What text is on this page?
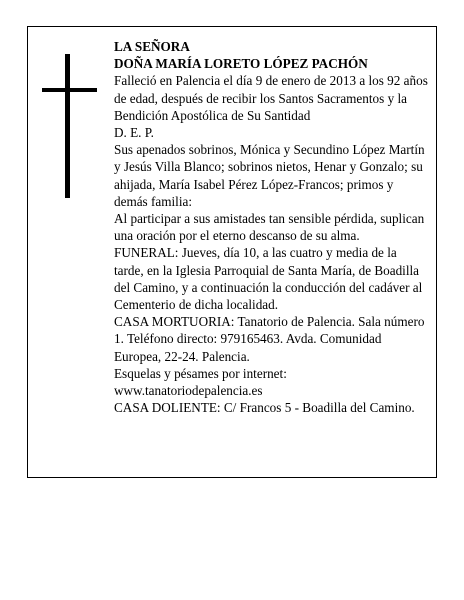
LA SEÑORA

DOÑA MARÍA LORETO LÓPEZ PACHÓN

Falleció en Palencia el día 9 de enero de 2013 a los 92 años de edad, después de recibir los Santos Sacramentos y la Bendición Apostólica de Su Santidad

D. E. P.

Sus apenados sobrinos, Mónica y Secundino López Martín y Jesús Villa Blanco; sobrinos nietos, Henar y Gonzalo; su ahijada, María Isabel Pérez López-Francos; primos y demás familia:

Al participar a sus amistades tan sensible pérdida, suplican una oración por el eterno descanso de su alma.

FUNERAL: Jueves, día 10, a las cuatro y media de la tarde, en la Iglesia Parroquial de Santa María, de Boadilla del Camino, y a continuación la conducción del cadáver al Cementerio de dicha localidad.

CASA MORTUORIA: Tanatorio de Palencia. Sala número 1. Teléfono directo: 979165463. Avda. Comunidad Europea, 22-24. Palencia.

Esquelas y pésames por internet:

www.tanatoriodepalencia.es

CASA DOLIENTE: C/ Francos 5 - Boadilla del Camino.
